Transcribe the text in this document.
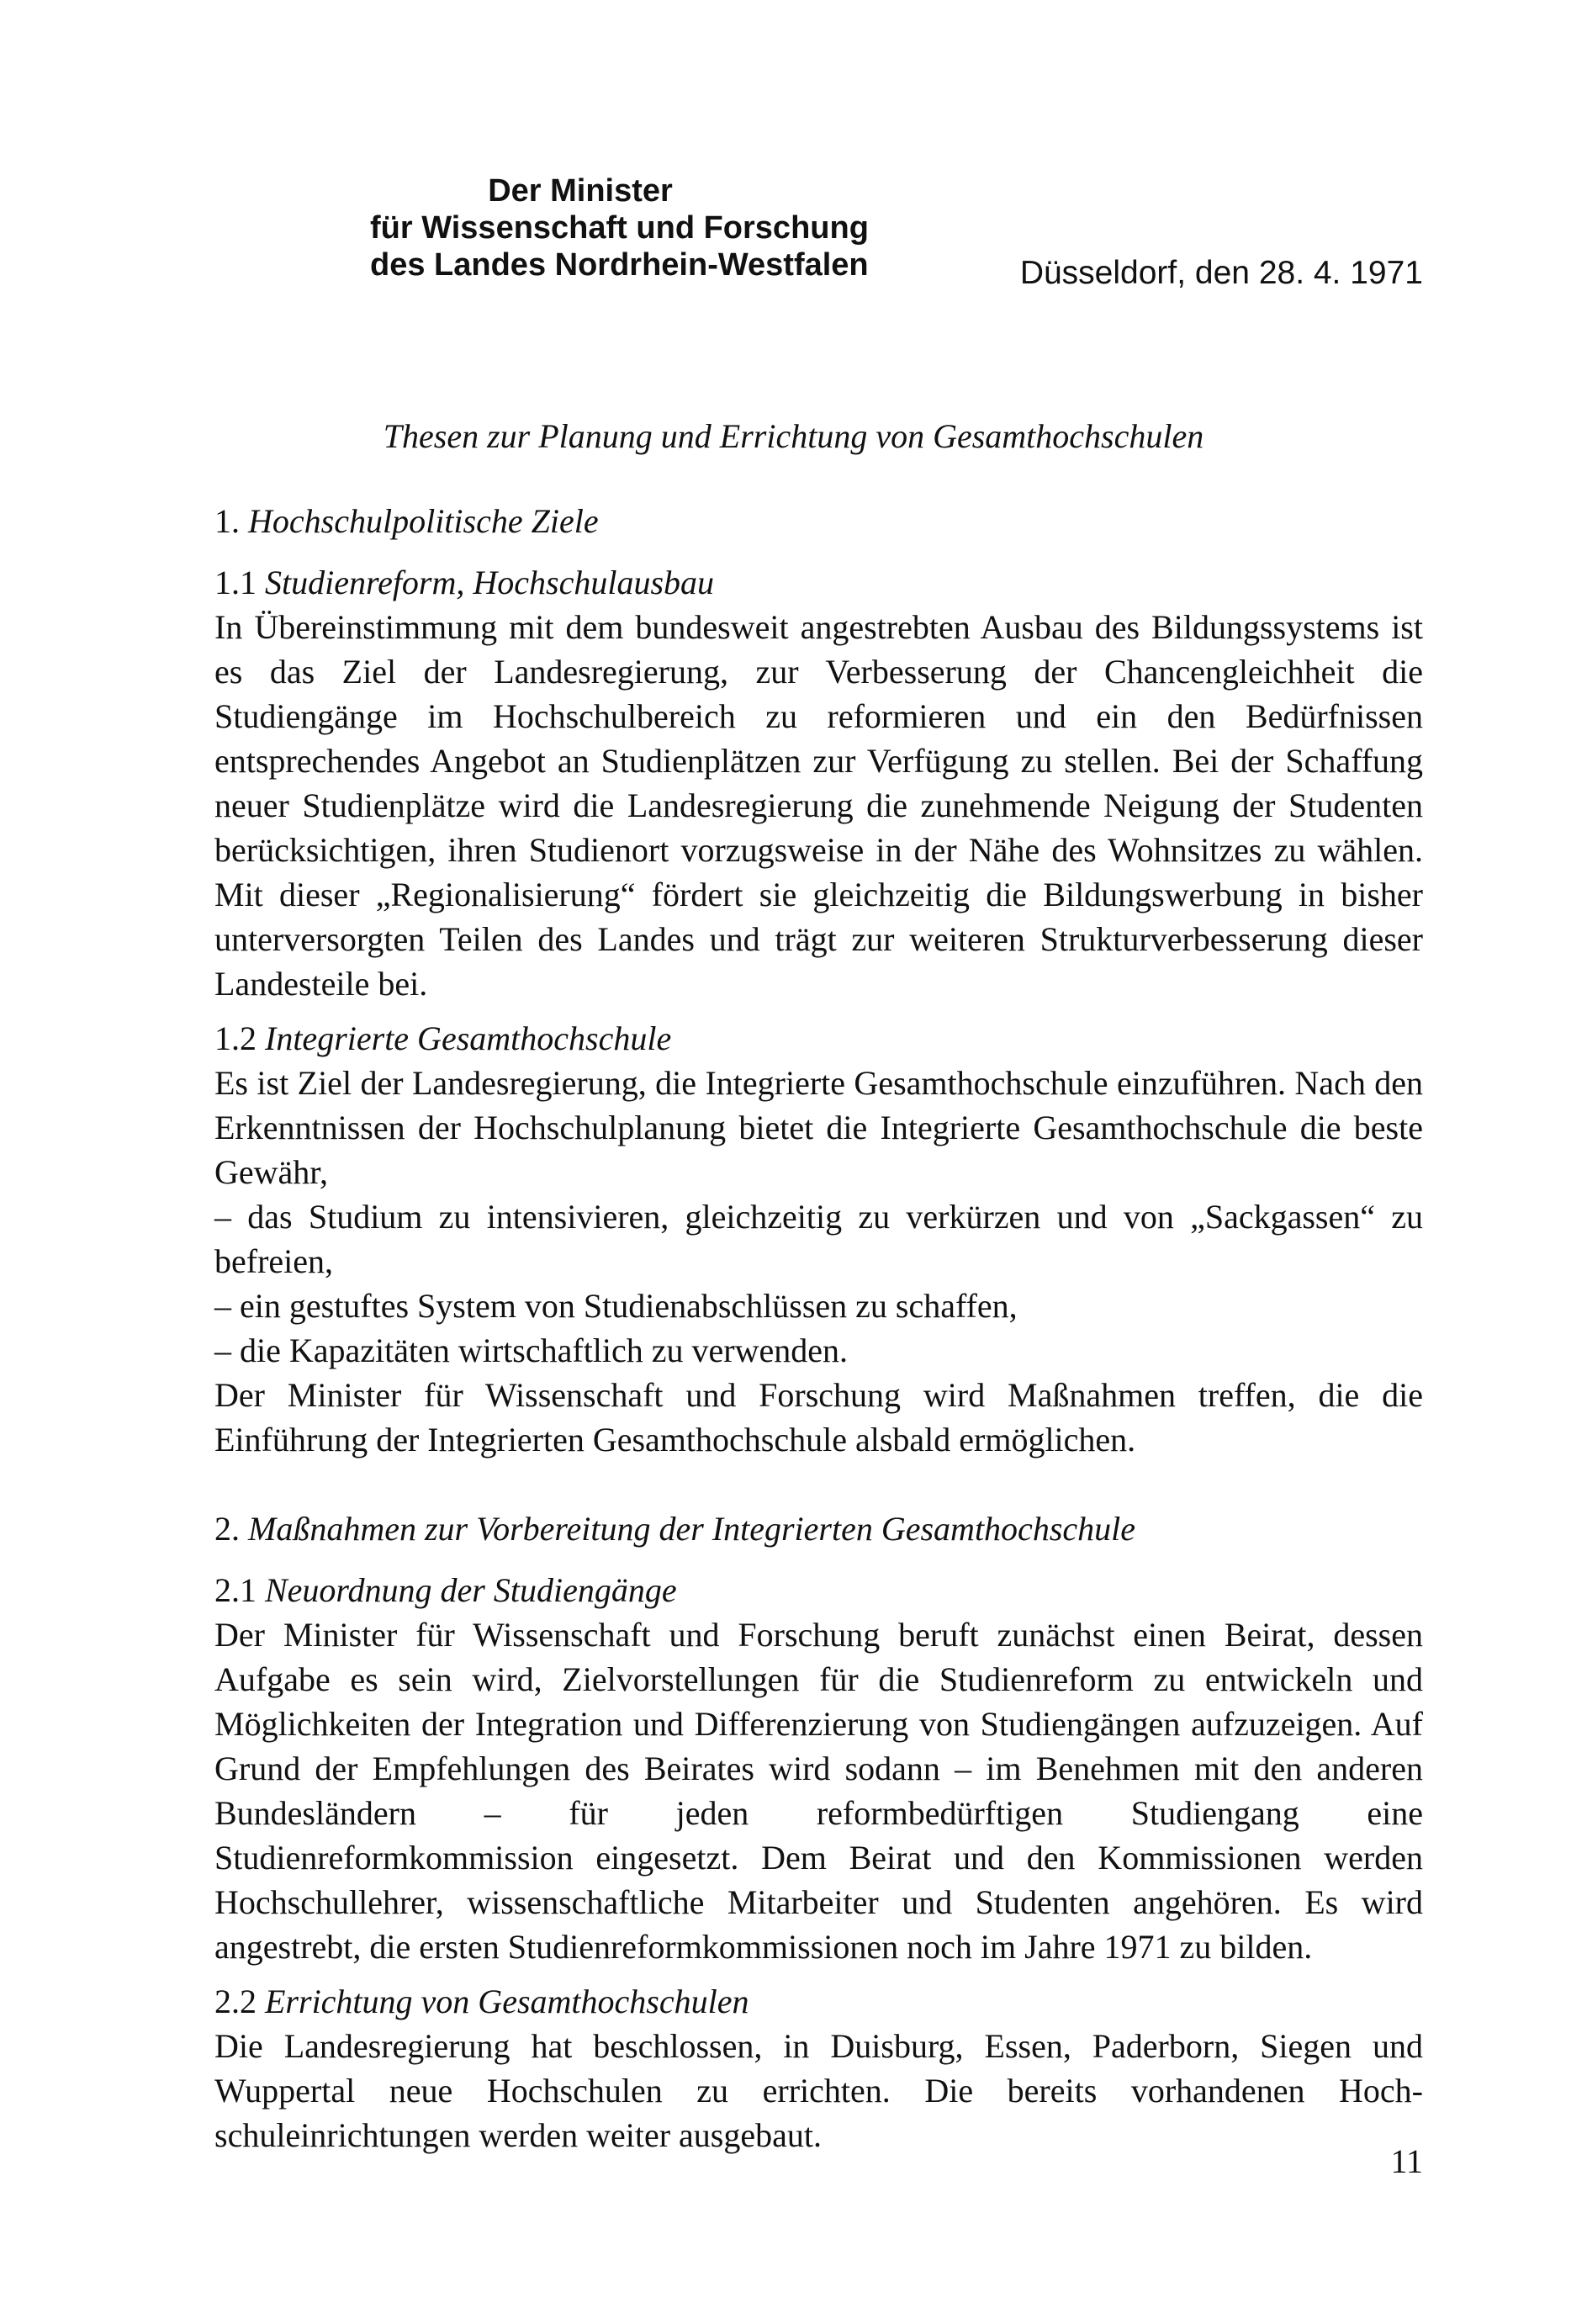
Der Minister
für Wissenschaft und Forschung
des Landes Nordrhein-Westfalen	Düsseldorf, den 28. 4. 1971
Thesen zur Planung und Errichtung von Gesamthochschulen

1. Hochschulpolitische Ziele

1.1 Studienreform, Hochschulausbau

In Übereinstimmung mit dem bundesweit angestrebten Ausbau des Bildungssystems ist es das Ziel der Landesregierung, zur Verbesserung der Chancengleichheit die Studiengänge im Hochschulbereich zu reformieren und ein den Bedürfnissen entsprechendes Angebot an Studienplätzen zur Verfügung zu stellen. Bei der Schaffung neuer Studienplätze wird die Landesregierung die zunehmende Neigung der Studenten berücksichtigen, ihren Studienort vorzugsweise in der Nähe des Wohnsitzes zu wählen. Mit dieser „Regionalisierung“ fördert sie gleichzeitig die Bildungswerbung in bisher unterversorgten Teilen des Landes und trägt zur weiteren Strukturverbesserung dieser Landesteile bei.

1.2 Integrierte Gesamthochschule

Es ist Ziel der Landesregierung, die Integrierte Gesamthochschule einzuführen. Nach den Erkenntnissen der Hochschulplanung bietet die Integrierte Gesamthochschule die beste Gewähr,

– das Studium zu intensivieren, gleichzeitig zu verkürzen und von „Sackgassen“ zu befreien,

– ein gestuftes System von Studienabschlüssen zu schaffen,

– die Kapazitäten wirtschaftlich zu verwenden.

Der Minister für Wissenschaft und Forschung wird Maßnahmen treffen, die die Einführung der Integrierten Gesamthochschule alsbald ermöglichen.

2. Maßnahmen zur Vorbereitung der Integrierten Gesamthochschule

2.1 Neuordnung der Studiengänge

Der Minister für Wissenschaft und Forschung beruft zunächst einen Beirat, dessen Aufgabe es sein wird, Zielvorstellungen für die Studienreform zu entwickeln und Möglichkeiten der Integration und Differenzierung von Studiengängen aufzuzeigen. Auf Grund der Empfehlungen des Beirates wird sodann – im Benehmen mit den anderen Bundesländern – für jeden reformbedürftigen Studiengang eine Studienreformkommission eingesetzt. Dem Beirat und den Kommissionen werden Hochschullehrer, wissenschaftliche Mitarbeiter und Studenten angehören. Es wird angestrebt, die ersten Studienreformkommissionen noch im Jahre 1971 zu bilden.

2.2 Errichtung von Gesamthochschulen

Die Landesregierung hat beschlossen, in Duisburg, Essen, Paderborn, Siegen und Wuppertal neue Hochschulen zu errichten. Die bereits vorhandenen Hochschuleinrichtungen werden weiter ausgebaut.

11
